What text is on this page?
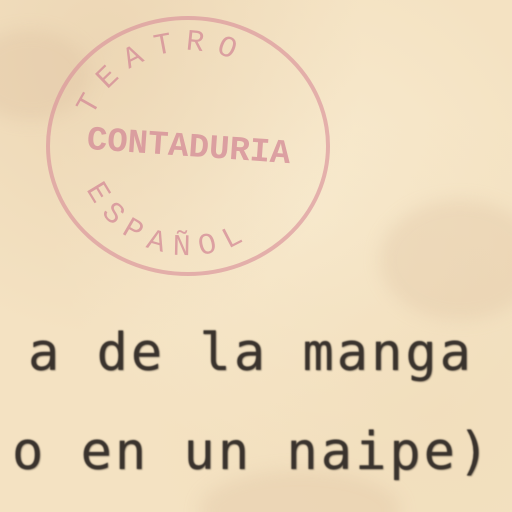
TEATRO
CONTADURIA
ESPAÑOL
a de la manga
o en un naipe)
